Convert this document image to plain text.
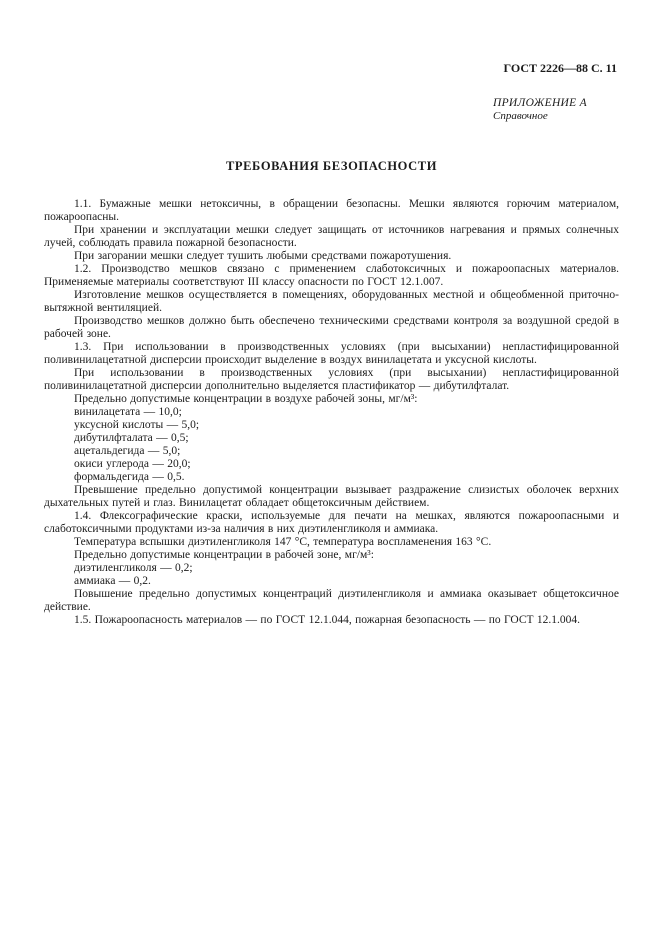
ГОСТ 2226—88 С. 11
ПРИЛОЖЕНИЕ А
Справочное
ТРЕБОВАНИЯ БЕЗОПАСНОСТИ

1.1. Бумажные мешки нетоксичны, в обращении безопасны. Мешки являются горючим материалом, пожароопасны.

При хранении и эксплуатации мешки следует защищать от источников нагревания и прямых солнечных лучей, соблюдать правила пожарной безопасности.

При загорании мешки следует тушить любыми средствами пожаротушения.

1.2. Производство мешков связано с применением слаботоксичных и пожароопасных материалов. Применяемые материалы соответствуют III классу опасности по ГОСТ 12.1.007.

Изготовление мешков осуществляется в помещениях, оборудованных местной и общеобменной приточно-вытяжной вентиляцией.

Производство мешков должно быть обеспечено техническими средствами контроля за воздушной средой в рабочей зоне.

1.3. При использовании в производственных условиях (при высыхании) непластифицированной поливинилацетатной дисперсии происходит выделение в воздух винилацетата и уксусной кислоты.

При использовании в производственных условиях (при высыхании) непластифицированной поливинилацетатной дисперсии дополнительно выделяется пластификатор — дибутилфталат.

Предельно допустимые концентрации в воздухе рабочей зоны, мг/м³:

винилацетата — 10,0;

уксусной кислоты — 5,0;

дибутилфталата — 0,5;

ацетальдегида — 5,0;

окиси углерода — 20,0;

формальдегида — 0,5.

Превышение предельно допустимой концентрации вызывает раздражение слизистых оболочек верхних дыхательных путей и глаз. Винилацетат обладает общетоксичным действием.

1.4. Флексографические краски, используемые для печати на мешках, являются пожароопасными и слаботоксичными продуктами из-за наличия в них диэтиленгликоля и аммиака.

Температура вспышки диэтиленгликоля 147 °С, температура воспламенения 163 °С.

Предельно допустимые концентрации в рабочей зоне, мг/м³:

диэтиленгликоля — 0,2;

аммиака — 0,2.

Повышение предельно допустимых концентраций диэтиленгликоля и аммиака оказывает общетоксичное действие.

1.5. Пожароопасность материалов — по ГОСТ 12.1.044, пожарная безопасность — по ГОСТ 12.1.004.
